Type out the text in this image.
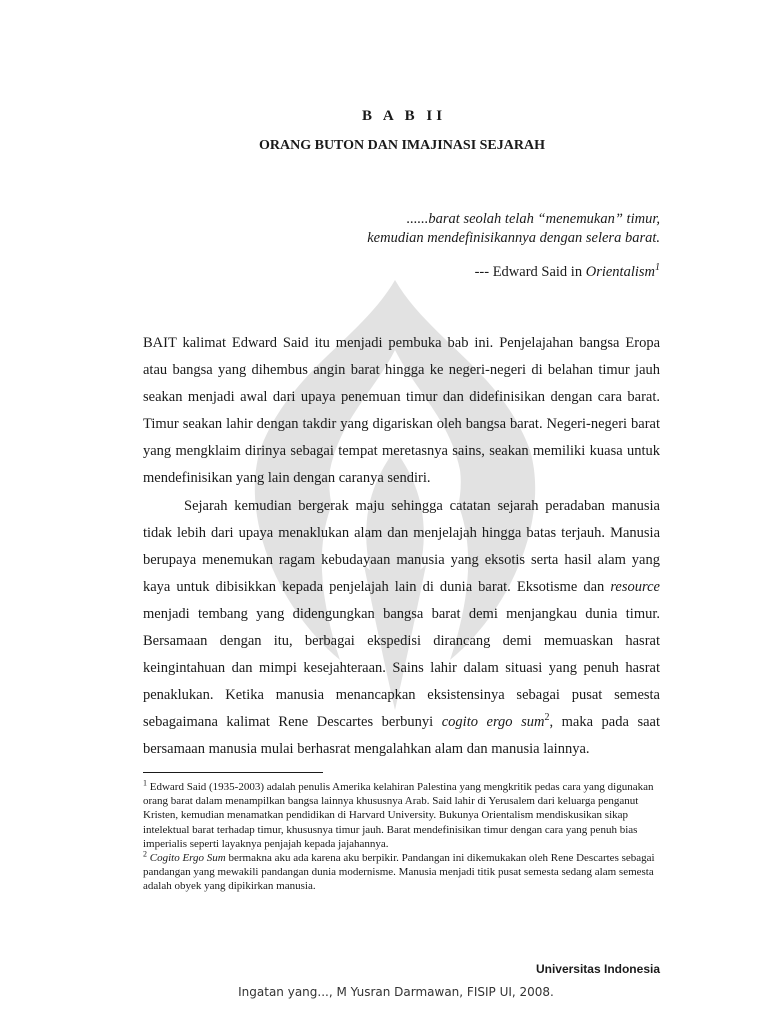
B A B II
ORANG BUTON DAN IMAJINASI SEJARAH
......barat seolah telah “menemukan” timur,
kemudian mendefinisikannya dengan selera barat.
--- Edward Said in Orientalism$^1$

BAIT kalimat Edward Said itu menjadi pembuka bab ini. Penjelajahan bangsa Eropa atau bangsa yang dihembus angin barat hingga ke negeri-negeri di belahan timur jauh seakan menjadi awal dari upaya penemuan timur dan didefinisikan dengan cara barat. Timur seakan lahir dengan takdir yang digariskan oleh bangsa barat. Negeri-negeri barat yang mengklaim dirinya sebagai tempat meretasnya sains, seakan memiliki kuasa untuk mendefinisikan yang lain dengan caranya sendiri.

Sejarah kemudian bergerak maju sehingga catatan sejarah peradaban manusia tidak lebih dari upaya menaklukan alam dan menjelajah hingga batas terjauh. Manusia berupaya menemukan ragam kebudayaan manusia yang eksotis serta hasil alam yang kaya untuk dibisikkan kepada penjelajah lain di dunia barat. Eksotisme dan resource menjadi tembang yang didengungkan bangsa barat demi menjangkau dunia timur. Bersamaan dengan itu, berbagai ekspedisi dirancang demi memuaskan hasrat keingintahuan dan mimpi kesejahteraan. Sains lahir dalam situasi yang penuh hasrat penaklukan. Ketika manusia menancapkan eksistensinya sebagai pusat semesta sebagaimana kalimat Rene Descartes berbunyi cogito ergo sum$^2$, maka pada saat bersamaan manusia mulai berhasrat mengalahkan alam dan manusia lainnya.

$^1$ Edward Said (1935-2003) adalah penulis Amerika kelahiran Palestina yang mengkritik pedas cara yang digunakan orang barat dalam menampilkan bangsa lainnya khususnya Arab. Said lahir di Yerusalem dari keluarga penganut Kristen, kemudian menamatkan pendidikan di Harvard University. Bukunya Orientalism mendiskusikan sikap intelektual barat terhadap timur, khususnya timur jauh. Barat mendefinisikan timur dengan cara yang penuh bias imperialis seperti layaknya penjajah kepada jajahannya.

$^2$ Cogito Ergo Sum bermakna aku ada karena aku berpikir. Pandangan ini dikemukakan oleh Rene Descartes sebagai pandangan yang mewakili pandangan dunia modernisme. Manusia menjadi titik pusat semesta sedang alam semesta adalah obyek yang dipikirkan manusia.

Universitas Indonesia
Ingatan yang..., M Yusran Darmawan, FISIP UI, 2008.
